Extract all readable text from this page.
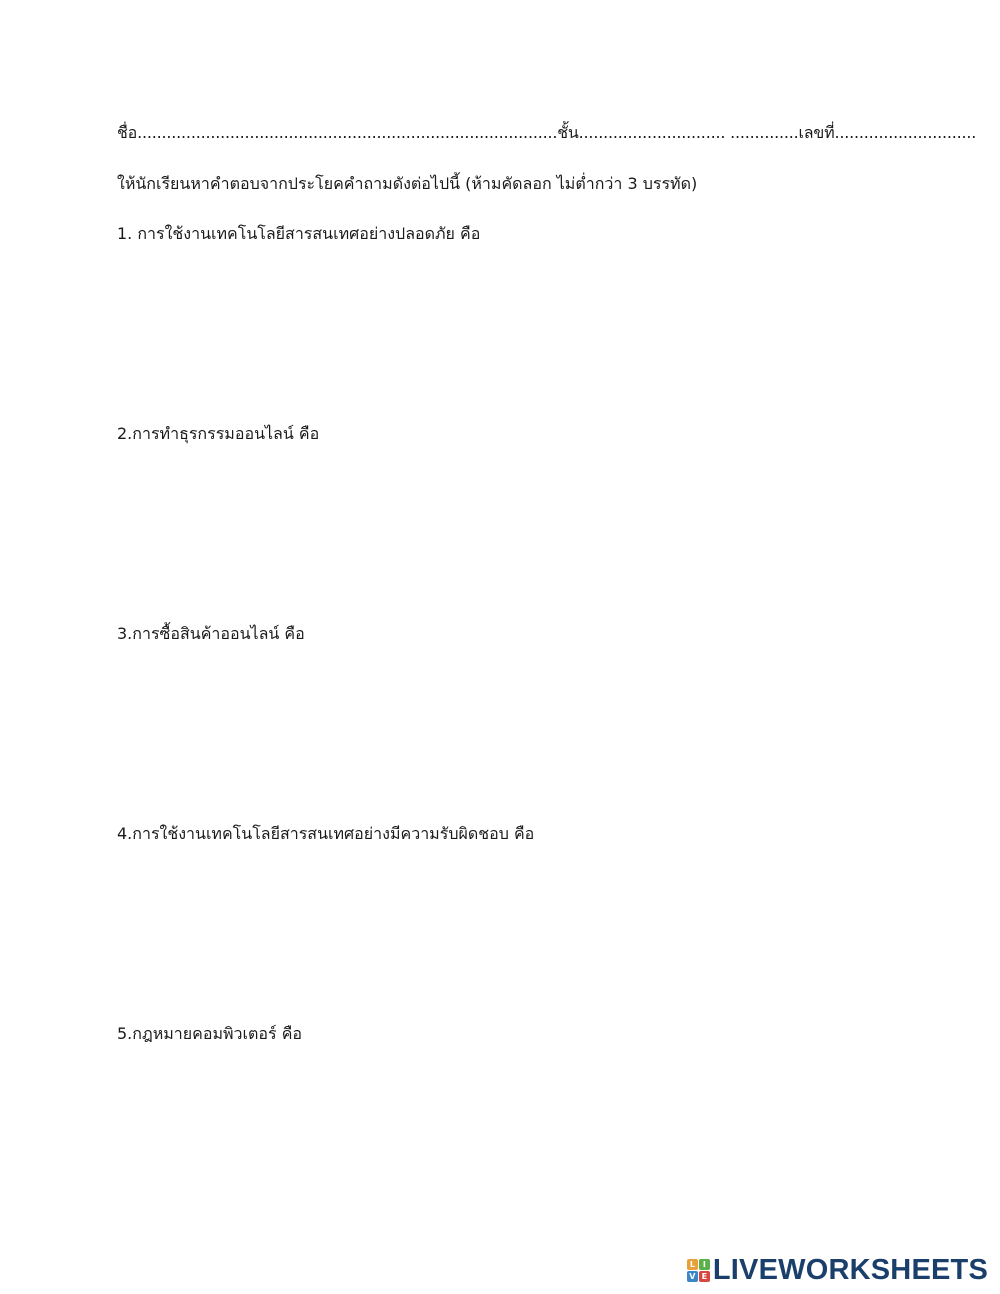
ชื่อ......................................................................................ชั้น.............................. ..............เลขที่.............................
ให้นักเรียนหาคำตอบจากประโยคคำถามดังต่อไปนี้ (ห้ามคัดลอก ไม่ต่ำกว่า 3 บรรทัด)
1. การใช้งานเทคโนโลยีสารสนเทศอย่างปลอดภัย คือ
2.การทำธุรกรรมออนไลน์ คือ
3.การซื้อสินค้าออนไลน์ คือ
4.การใช้งานเทคโนโลยีสารสนเทศอย่างมีความรับผิดชอบ คือ
5.กฎหมายคอมพิวเตอร์ คือ
L I
V E LIVEWORKSHEETS
